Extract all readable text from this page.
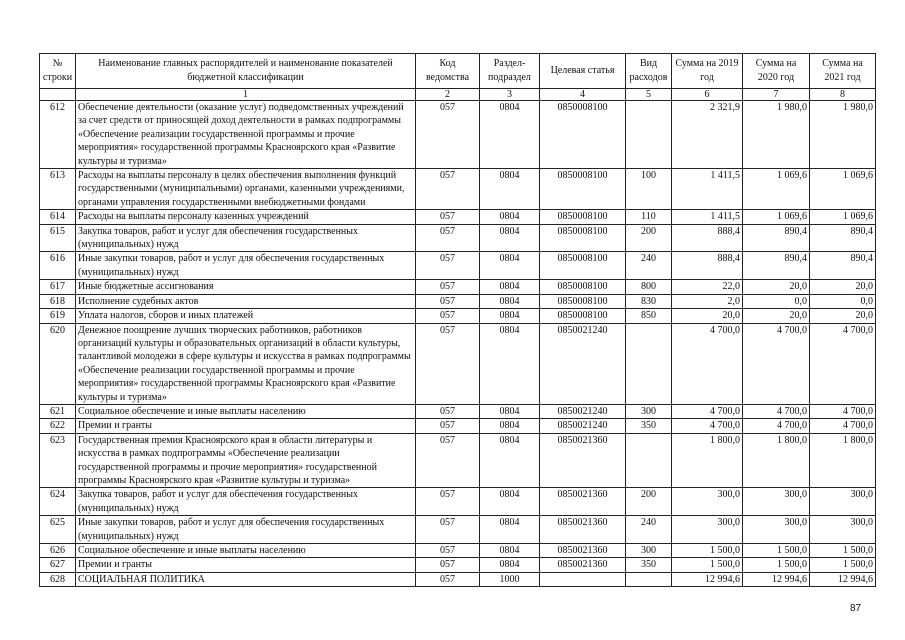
№ строки	Наименование главных распорядителей и наименование показателей бюджетной классификации	Код ведомства	Раздел-подраздел	Целевая статья	Вид расходов	Сумма на 2019 год	Сумма на 2020 год	Сумма на 2021 год
	1	2	3	4	5	6	7	8
612	Обеспечение деятельности (оказание услуг) подведомственных учреждений за счет средств от приносящей доход деятельности в рамках подпрограммы «Обеспечение реализации государственной программы и прочие мероприятия» государственной программы Красноярского края «Развитие культуры и туризма»	057	0804	0850008100		2 321,9	1 980,0	1 980,0
613	Расходы на выплаты персоналу в целях обеспечения выполнения функций государственными (муниципальными) органами, казенными учреждениями, органами управления государственными внебюджетными фондами	057	0804	0850008100	100	1 411,5	1 069,6	1 069,6
614	Расходы на выплаты персоналу казенных учреждений	057	0804	0850008100	110	1 411,5	1 069,6	1 069,6
615	Закупка товаров, работ и услуг для обеспечения государственных (муниципальных) нужд	057	0804	0850008100	200	888,4	890,4	890,4
616	Иные закупки товаров, работ и услуг для обеспечения государственных (муниципальных) нужд	057	0804	0850008100	240	888,4	890,4	890,4
617	Иные бюджетные ассигнования	057	0804	0850008100	800	22,0	20,0	20,0
618	Исполнение судебных актов	057	0804	0850008100	830	2,0	0,0	0,0
619	Уплата налогов, сборов и иных платежей	057	0804	0850008100	850	20,0	20,0	20,0
620	Денежное поощрение лучших творческих работников, работников организаций культуры и образовательных организаций в области культуры, талантливой молодежи в сфере культуры и искусства в рамках подпрограммы «Обеспечение реализации государственной программы и прочие мероприятия» государственной программы Красноярского края «Развитие культуры и туризма»	057	0804	0850021240		4 700,0	4 700,0	4 700,0
621	Социальное обеспечение и иные выплаты населению	057	0804	0850021240	300	4 700,0	4 700,0	4 700,0
622	Премии и гранты	057	0804	0850021240	350	4 700,0	4 700,0	4 700,0
623	Государственная премия Красноярского края в области литературы и искусства в рамках подпрограммы «Обеспечение реализации государственной программы и прочие мероприятия» государственной программы Красноярского края «Развитие культуры и туризма»	057	0804	0850021360		1 800,0	1 800,0	1 800,0
624	Закупка товаров, работ и услуг для обеспечения государственных (муниципальных) нужд	057	0804	0850021360	200	300,0	300,0	300,0
625	Иные закупки товаров, работ и услуг для обеспечения государственных (муниципальных) нужд	057	0804	0850021360	240	300,0	300,0	300,0
626	Социальное обеспечение и иные выплаты населению	057	0804	0850021360	300	1 500,0	1 500,0	1 500,0
627	Премии и гранты	057	0804	0850021360	350	1 500,0	1 500,0	1 500,0
628	СОЦИАЛЬНАЯ ПОЛИТИКА	057	1000			12 994,6	12 994,6	12 994,6
87
